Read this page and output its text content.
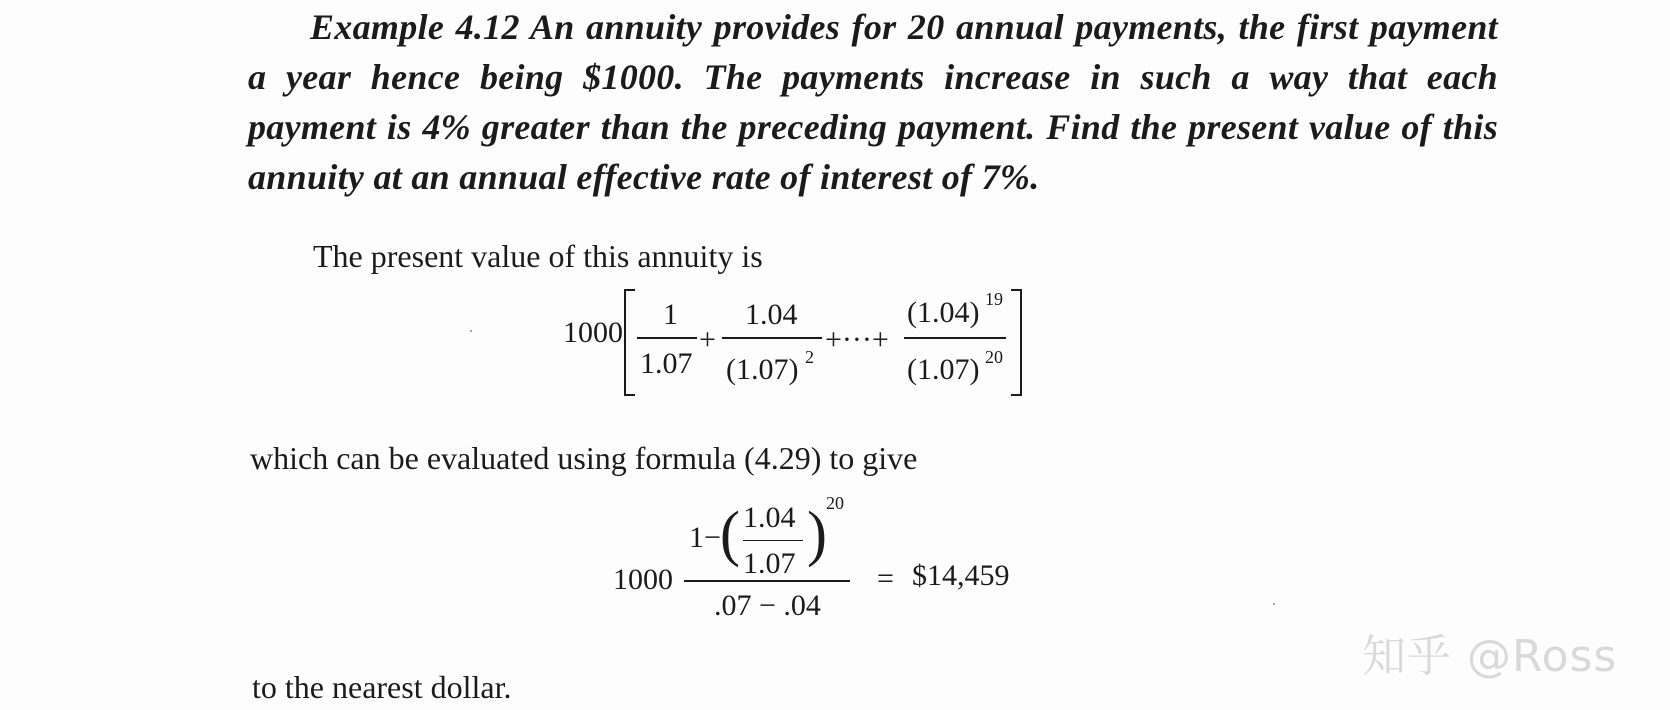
Example 4.12 An annuity provides for 20 annual payments, the first payment a year hence being $1000. The payments increase in such a way that each payment is 4% greater than the preceding payment. Find the present value of this annuity at an annual effective rate of interest of 7%.
The present value of this annuity is
1000
1
1.07
+
1.04
(1.07) 2
+···+
(1.04) 19
(1.07) 20
which can be evaluated using formula (4.29) to give
1000
1− ( 1.04
1.07 ) 20
.07 − .04
= $14,459
to the nearest dollar.
知乎 @Ross
